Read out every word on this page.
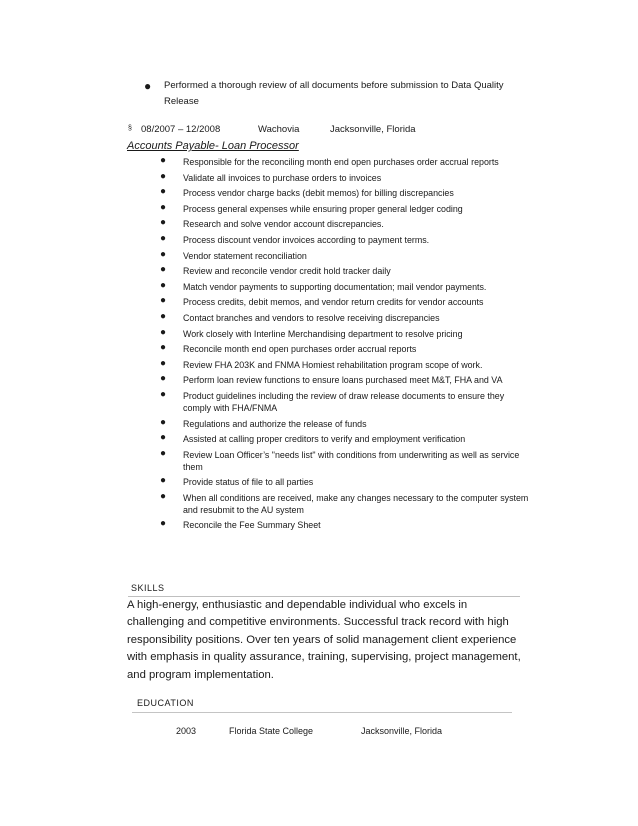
●	Performed a thorough review of all documents before submission to Data Quality Release
§ 08/2007 – 12/2008	Wachovia	Jacksonville, Florida
Accounts Payable- Loan Processor
● Responsible for the reconciling month end open purchases order accrual reports
● Validate all invoices to purchase orders to invoices
● Process vendor charge backs (debit memos) for billing discrepancies
● Process general expenses while ensuring proper general ledger coding
● Research and solve vendor account discrepancies.
● Process discount vendor invoices according to payment terms.
● Vendor statement reconciliation
● Review and reconcile vendor credit hold tracker daily
● Match vendor payments to supporting documentation; mail vendor payments.
● Process credits, debit memos, and vendor return credits for vendor accounts
● Contact branches and vendors to resolve receiving discrepancies
● Work closely with Interline Merchandising department to resolve pricing
● Reconcile month end open purchases order accrual reports
● Review FHA 203K and FNMA Homiest rehabilitation program scope of work.
● Perform loan review functions to ensure loans purchased meet M&T, FHA and VA
● Product guidelines including the review of draw release documents to ensure they comply with FHA/FNMA
● Regulations and authorize the release of funds
● Assisted at calling proper creditors to verify and employment verification
● Review Loan Officer’s "needs list" with conditions from underwriting as well as service them
● Provide status of file to all parties
● When all conditions are received, make any changes necessary to the computer system and resubmit to the AU system
● Reconcile the Fee Summary Sheet
SKILLS
A high-energy, enthusiastic and dependable individual who excels in challenging and competitive environments. Successful track record with high responsibility positions. Over ten years of solid management client experience with emphasis in quality assurance, training, supervising, project management, and program implementation.
EDUCATION
2003	Florida State College	Jacksonville, Florida
